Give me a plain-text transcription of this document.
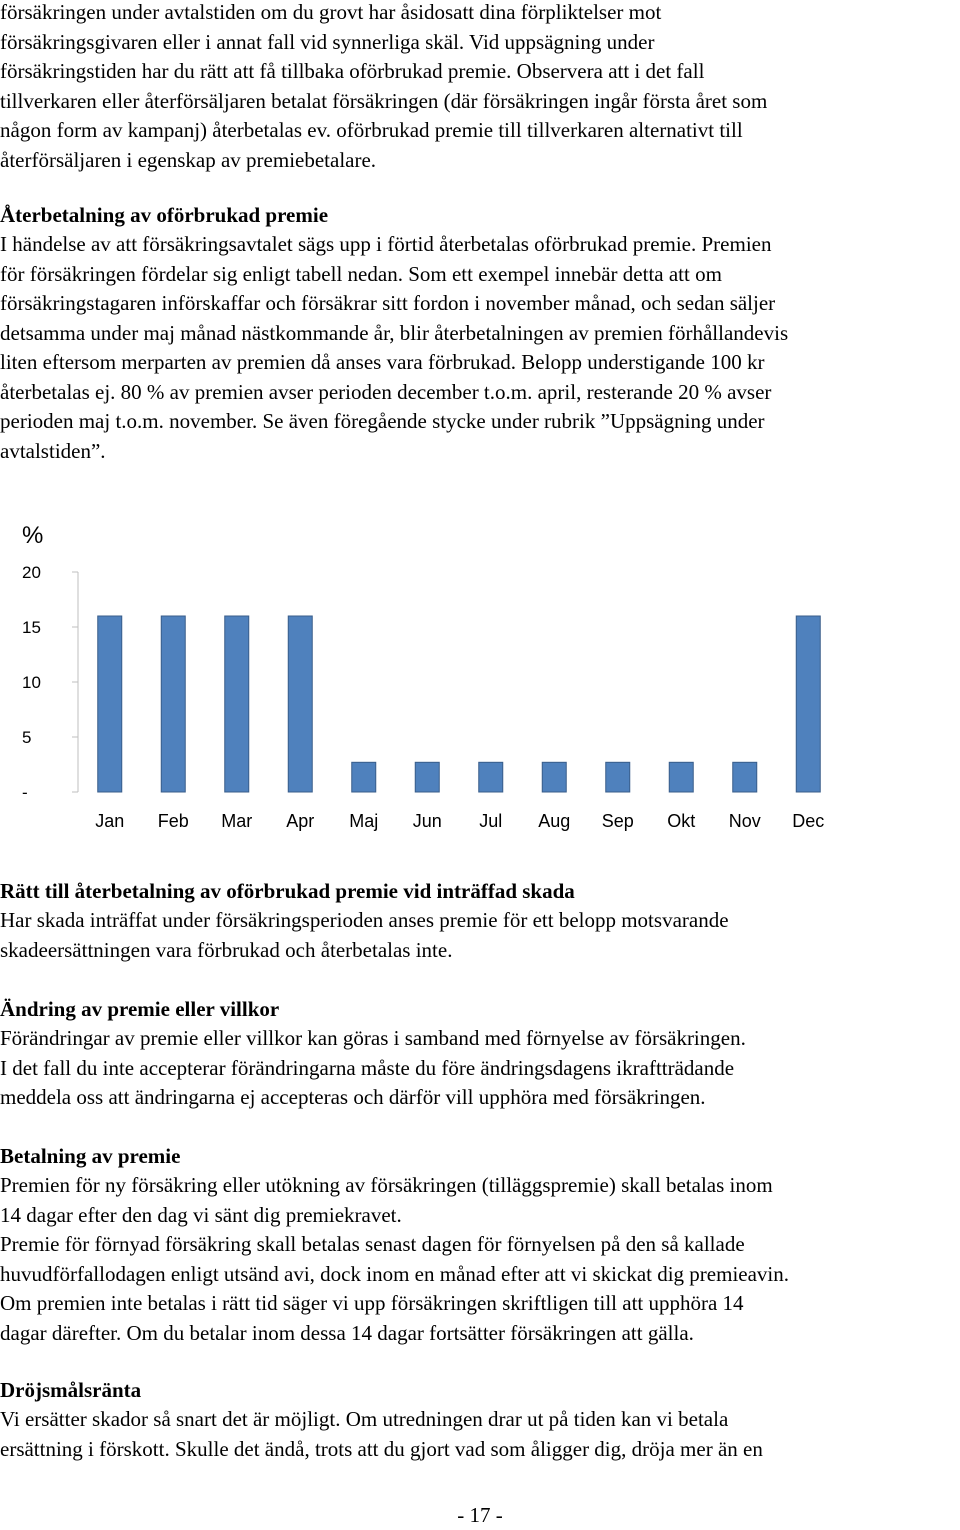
försäkringen under avtalstiden om du grovt har åsidosatt dina förpliktelser mot
försäkringsgivaren eller i annat fall vid synnerliga skäl. Vid uppsägning under
försäkringstiden har du rätt att få tillbaka oförbrukad premie. Observera att i det fall
tillverkaren eller återförsäljaren betalat försäkringen (där försäkringen ingår första året som
någon form av kampanj) återbetalas ev. oförbrukad premie till tillverkaren alternativt till
återförsäljaren i egenskap av premiebetalare.

Återbetalning av oförbrukad premie

I händelse av att försäkringsavtalet sägs upp i förtid återbetalas oförbrukad premie. Premien
för försäkringen fördelar sig enligt tabell nedan. Som ett exempel innebär detta att om
försäkringstagaren införskaffar och försäkrar sitt fordon i november månad, och sedan säljer
detsamma under maj månad nästkommande år, blir återbetalningen av premien förhållandevis
liten eftersom merparten av premien då anses vara förbrukad. Belopp understigande 100 kr
återbetalas ej. 80 % av premien avser perioden december t.o.m. april, resterande 20 % avser
perioden maj t.o.m. november. Se även föregående stycke under rubrik ”Uppsägning under
avtalstiden”.

%
-
5
10
15
20
Jan Feb Mar Apr Maj Jun Jul Aug Sep Okt Nov Dec
Rätt till återbetalning av oförbrukad premie vid inträffad skada

Har skada inträffat under försäkringsperioden anses premie för ett belopp motsvarande
skadeersättningen vara förbrukad och återbetalas inte.

Ändring av premie eller villkor

Förändringar av premie eller villkor kan göras i samband med förnyelse av försäkringen.
I det fall du inte accepterar förändringarna måste du före ändringsdagens ikraftträdande
meddela oss att ändringarna ej accepteras och därför vill upphöra med försäkringen.

Betalning av premie

Premien för ny försäkring eller utökning av försäkringen (tilläggspremie) skall betalas inom
14 dagar efter den dag vi sänt dig premiekravet.
Premie för förnyad försäkring skall betalas senast dagen för förnyelsen på den så kallade
huvudförfallodagen enligt utsänd avi, dock inom en månad efter att vi skickat dig premieavin.
Om premien inte betalas i rätt tid säger vi upp försäkringen skriftligen till att upphöra 14
dagar därefter. Om du betalar inom dessa 14 dagar fortsätter försäkringen att gälla.

Dröjsmålsränta

Vi ersätter skador så snart det är möjligt. Om utredningen drar ut på tiden kan vi betala
ersättning i förskott. Skulle det ändå, trots att du gjort vad som åligger dig, dröja mer än en

- 17 -
